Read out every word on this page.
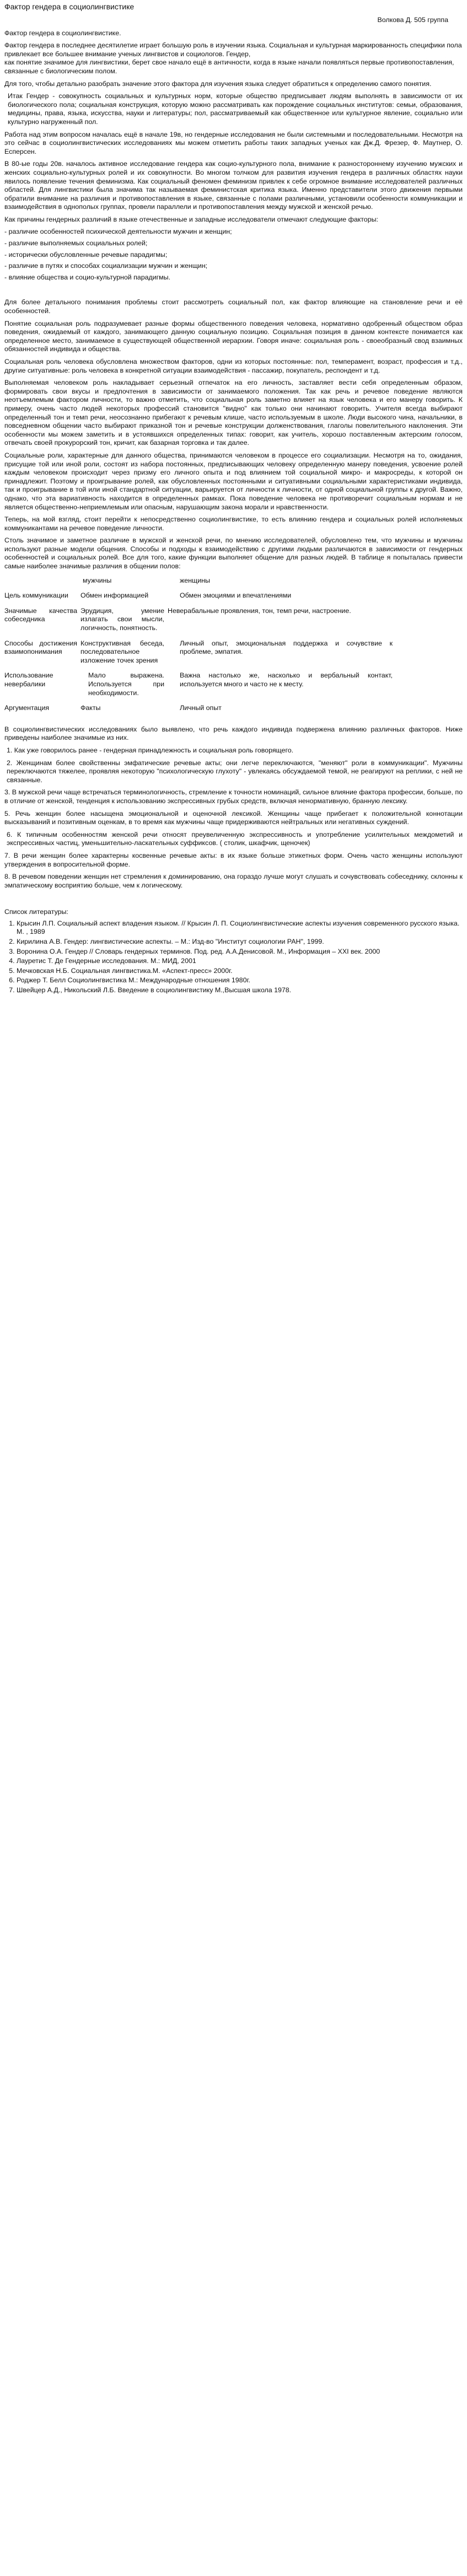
Фактор гендера в социолингвистике
Волкова Д. 505 группа
Фактор гендера в социолингвистике.
Фактор гендера в последнее десятилетие играет большую роль в изучении языка. Социальная и культурная маркированность специфики пола привлекает все большее внимание ученых лингвистов и социологов. Гендер,
как понятие значимое для лингвистики, берет свое начало ещё в античности, когда в языке начали появляться первые противопоставления,
связанные с биологическим полом.

Для того, чтобы детально разобрать значение этого фактора для изучения языка следует обратиться к определению самого понятия.

Итак Гендер - совокупность социальных и культурных норм, которые общество предписывает людям выполнять в зависимости от их биологического пола; социальная конструкция, которую можно рассматривать как порождение социальных институтов: семьи, образования, медицины, права, языка, искусства, науки и литературы; пол, рассматриваемый как общественное или культурное явление, социально или культурно нагруженный пол.

Работа над этим вопросом началась ещё в начале 19в, но гендерные исследования не были системными и последовательными. Несмотря на это сейчас в социолингвистических исследованиях мы можем отметить работы таких западных ученых как Дж.Д. Фрезер, Ф. Маутнер, О. Есперсен.

В 80-ые годы 20в. началось активное исследование гендера как социо-культурного пола, внимание к разностороннему изучению мужских и женских социально-культурных ролей и их совокупности. Во многом толчком для развития изучения гендера в различных областях науки явилось появление течения феминизма. Как социальный феномен феминизм привлек к себе огромное внимание исследователей различных областей. Для лингвистики была значима так называемая феминистская критика языка. Именно представители этого движения первыми обратили внимание на различия и противопоставления в языке, связанные с полами различными, установили особенности коммуникации и взаимодействия в однополых группах, провели параллели и противопоставления между мужской и женской речью.

Как причины гендерных различий в языке отечественные и западные исследователи отмечают следующие факторы:

- различие особенностей психической деятельности мужчин и женщин;
- различие выполняемых социальных ролей;
- исторически обусловленные речевые парадигмы;
- различие в путях и способах социализации мужчин и женщин;
- влияние общества и социо-культурной парадигмы.

Для более детального понимания проблемы стоит рассмотреть социальный пол, как фактор влияющие на становление речи и её особенностей.

Понятие социальная роль подразумевает разные формы общественного поведения человека, нормативно одобренный обществом образ поведения, ожидаемый от каждого, занимающего данную социальную позицию. Социальная позиция в данном контексте понимается как определенное место, занимаемое в существующей общественной иерархии. Говоря иначе: социальная роль - своеобразный свод взаимных обязанностей индивида и общества.

Социальная роль человека обусловлена множеством факторов, одни из которых постоянные: пол, темперамент, возраст, профессия и т.д., другие ситуативные: роль человека в конкретной ситуации взаимодействия - пассажир, покупатель, респондент и т.д.

Выполняемая человеком роль накладывает серьезный отпечаток на его личность, заставляет вести себя определенным образом, формировать свои вкусы и предпочтения в зависимости от занимаемого положения. Так как речь и речевое поведение являются неотъемлемым фактором личности, то важно отметить, что социальная роль заметно влияет на язык человека и его манеру говорить. К примеру, очень часто людей некоторых профессий становится "видно" как только они начинают говорить. Учителя всегда выбирают определенный тон и темп речи, неосознанно прибегают к речевым клише, часто используемым в школе. Люди высокого чина, начальники, в повседневном общении часто выбирают приказной тон и речевые конструкции долженствования, глаголы повелительного наклонения. Эти особенности мы можем заметить и в устоявшихся определенных типах: говорит, как учитель, хорошо поставленным актерским голосом, отвечать своей прокурорский тон, кричит, как базарная торговка и так далее.

Социальные роли, характерные для данного общества, принимаются человеком в процессе его социализации. Несмотря на то, ожидания, присущие той или иной роли, состоят из набора постоянных, предписывающих человеку определенную манеру поведения, усвоение ролей каждым человеком происходит через призму его личного опыта и под влиянием той социальной микро- и макросреды, к которой он принадлежит. Поэтому и проигрывание ролей, как обусловленных постоянными и ситуативными социальными характеристиками индивида, так и проигрывание в той или иной стандартной ситуации, варьируется от личности к личности, от одной социальной группы к другой. Важно, однако, что эта вариативность находится в определенных рамках. Пока поведение человека не противоречит социальным нормам и не является общественно-неприемлемым или опасным, нарушающим закона морали и нравственности.

Теперь, на мой взгляд, стоит перейти к непосредственно социолингвистике, то есть влиянию гендера и социальных ролей исполняемых коммуникантами на речевое поведение личности.

Столь значимое и заметное различие в мужской и женской речи, по мнению исследователей, обусловлено тем, что мужчины и мужчины используют разные модели общения. Способы и подходы к взаимодействию с другими людьми различаются в зависимости от гендерных особенностей и социальных ролей. Все для того, какие функции выполняет общение для разных людей. В таблице я попыталась привести самые наиболее значимые различия в общении полов:

	мужчины	женщины
Цель коммуникации	Обмен информацией	Обмен эмоциями и впечатлениями
Значимые качества собеседника	Эрудиция, умение излагать свои мысли, логичность, понятность.	Неверабальные проявления, тон, темп речи, настроение.
Способы достижения взаимопонимания	Конструктивная беседа, последовательное изложение точек зрения	Личный опыт, эмоциональная поддержка и сочувствие к проблеме, эмпатия.
Использование невербалики	Мало выражена. Используется при необходимости.	Важна настолько же, насколько и вербальный контакт, используется много и часто не к месту.
Аргументация	Факты	Личный опыт

В социолингвистических исследованиях было выявлено, что речь каждого индивида подвержена влиянию различных факторов. Ниже приведены наиболее значимые из них.

1. Как уже говорилось ранее - гендерная принадлежность и социальная роль говорящего.

2. Женщинам более свойственны эмфатические речевые акты; они легче переключаются, "меняют" роли в коммуникации". Мужчины переключаются тяжелее, проявляя некоторую "психологическую глухоту" - увлекаясь обсуждаемой темой, не реагируют на реплики, с ней не связанные.

3. В мужской речи чаще встречаться терминологичность, стремление к точности номинаций, сильное влияние фактора профессии, больше, по в отличие от женской, тенденция к использованию экспрессивных грубых средств, включая ненормативную, бранную лексику.

5. Речь женщин более насыщена эмоциональной и оценочной лексикой. Женщины чаще прибегает к положительной коннотации высказываний и позитивным оценкам, в то время как мужчины чаще придерживаются нейтральных или негативных суждений.

6. К типичным особенностям женской речи относят преувеличенную экспрессивность и употребление усилительных междометий и экспрессивных частиц, уменьшительно-ласкательных суффиксов. ( столик, шкафчик, щеночек)

7. В речи женщин более характерны косвенные речевые акты: в их языке больше этикетных форм. Очень часто женщины используют утверждения в вопросительной форме.

8. В речевом поведении женщин нет стремления к доминированию, она гораздо лучше могут слушать и сочувствовать собеседнику, склонны к эмпатическому восприятию больше, чем к логическому.

Список литературы:
1. Крысин Л.П. Социальный аспект владения языком. // Крысин Л. П. Социолингвистические аспекты изучения современного русского языка. М. , 1989
2. Кирилина А.В. Гендер: лингвистические аспекты. – М.: Изд-во "Институт социологии РАН", 1999.
3. Воронина О.А. Гендер // Словарь гендерных терминов. Под. ред. А.А.Денисовой. М., Информация – XXI век. 2000
4. Лауретис Т. Де Гендерные исследования. М.: МИД, 2001
5. Мечковская Н.Б. Социальная лингвистика.М. «Аспект-пресс» 2000г.
6. Роджер Т. Белл Социолингвистика М.: Международные отношения 1980г.
7. Швейцер А.Д., Никольский Л.Б. Введение в социолингвистику М.,Высшая школа 1978.
